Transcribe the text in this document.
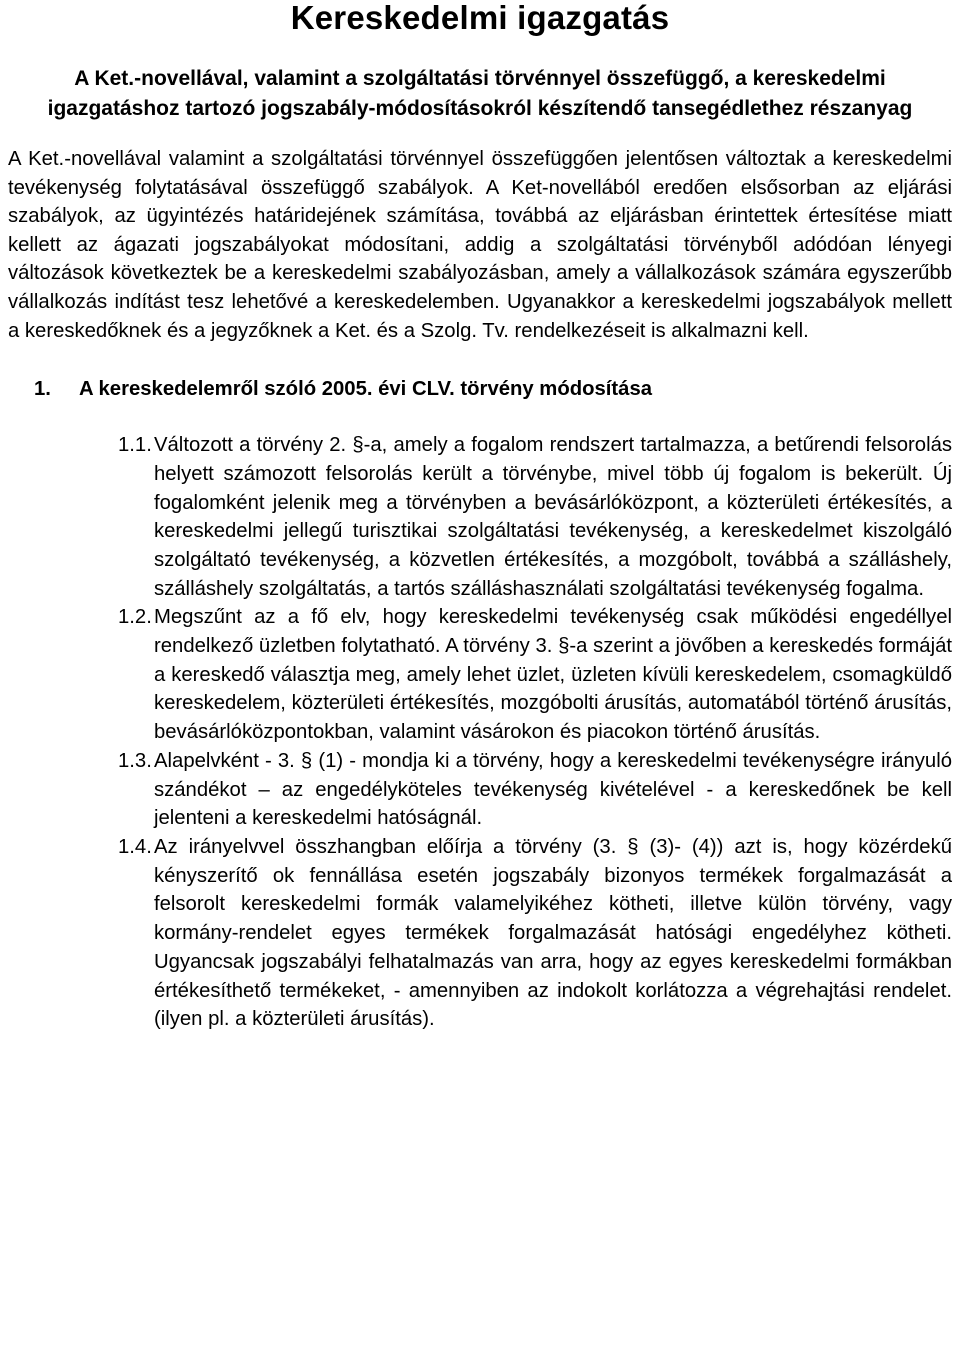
Kereskedelmi igazgatás
A Ket.-novellával, valamint a szolgáltatási törvénnyel összefüggő, a kereskedelmi igazgatáshoz tartozó jogszabály-módosításokról készítendő tansegédlethez részanyag

A Ket.-novellával valamint a szolgáltatási törvénnyel összefüggően jelentősen változtak a kereskedelmi tevékenység folytatásával összefüggő szabályok. A Ket-novellából eredően elsősorban az eljárási szabályok, az ügyintézés határidejének számítása, továbbá az eljárásban érintettek értesítése miatt kellett az ágazati jogszabályokat módosítani, addig a szolgáltatási törvényből adódóan lényegi változások következtek be a kereskedelmi szabályozásban, amely a vállalkozások számára egyszerűbb vállalkozás indítást tesz lehetővé a kereskedelemben. Ugyanakkor a kereskedelmi jogszabályok mellett a kereskedőknek és a jegyzőknek a Ket. és a Szolg. Tv. rendelkezéseit is alkalmazni kell.

1.	A kereskedelemről szóló 2005. évi CLV. törvény módosítása
1.1. Változott a törvény 2. §-a, amely a fogalom rendszert tartalmazza, a betűrendi felsorolás helyett számozott felsorolás került a törvénybe, mivel több új fogalom is bekerült. Új fogalomként jelenik meg a törvényben a bevásárlóközpont, a közterületi értékesítés, a kereskedelmi jellegű turisztikai szolgáltatási tevékenység, a kereskedelmet kiszolgáló szolgáltató tevékenység, a közvetlen értékesítés, a mozgóbolt, továbbá a szálláshely, szálláshely szolgáltatás, a tartós szálláshasználati szolgáltatási tevékenység fogalma.
1.2. Megszűnt az a fő elv, hogy kereskedelmi tevékenység csak működési engedéllyel rendelkező üzletben folytatható. A törvény 3. §-a szerint a jövőben a kereskedés formáját a kereskedő választja meg, amely lehet üzlet, üzleten kívüli kereskedelem, csomagküldő kereskedelem, közterületi értékesítés, mozgóbolti árusítás, automatából történő árusítás, bevásárlóközpontokban, valamint vásárokon és piacokon történő árusítás.
1.3. Alapelvként - 3. § (1) - mondja ki a törvény, hogy a kereskedelmi tevékenységre irányuló szándékot – az engedélyköteles tevékenység kivételével - a kereskedőnek be kell jelenteni a kereskedelmi hatóságnál.
1.4. Az irányelvvel összhangban előírja a törvény (3. § (3)- (4)) azt is, hogy közérdekű kényszerítő ok fennállása esetén jogszabály bizonyos termékek forgalmazását a felsorolt kereskedelmi formák valamelyikéhez kötheti, illetve külön törvény, vagy kormány-rendelet egyes termékek forgalmazását hatósági engedélyhez kötheti. Ugyancsak jogszabályi felhatalmazás van arra, hogy az egyes kereskedelmi formákban értékesíthető termékeket, - amennyiben az indokolt korlátozza a végrehajtási rendelet. (ilyen pl. a közterületi árusítás).
